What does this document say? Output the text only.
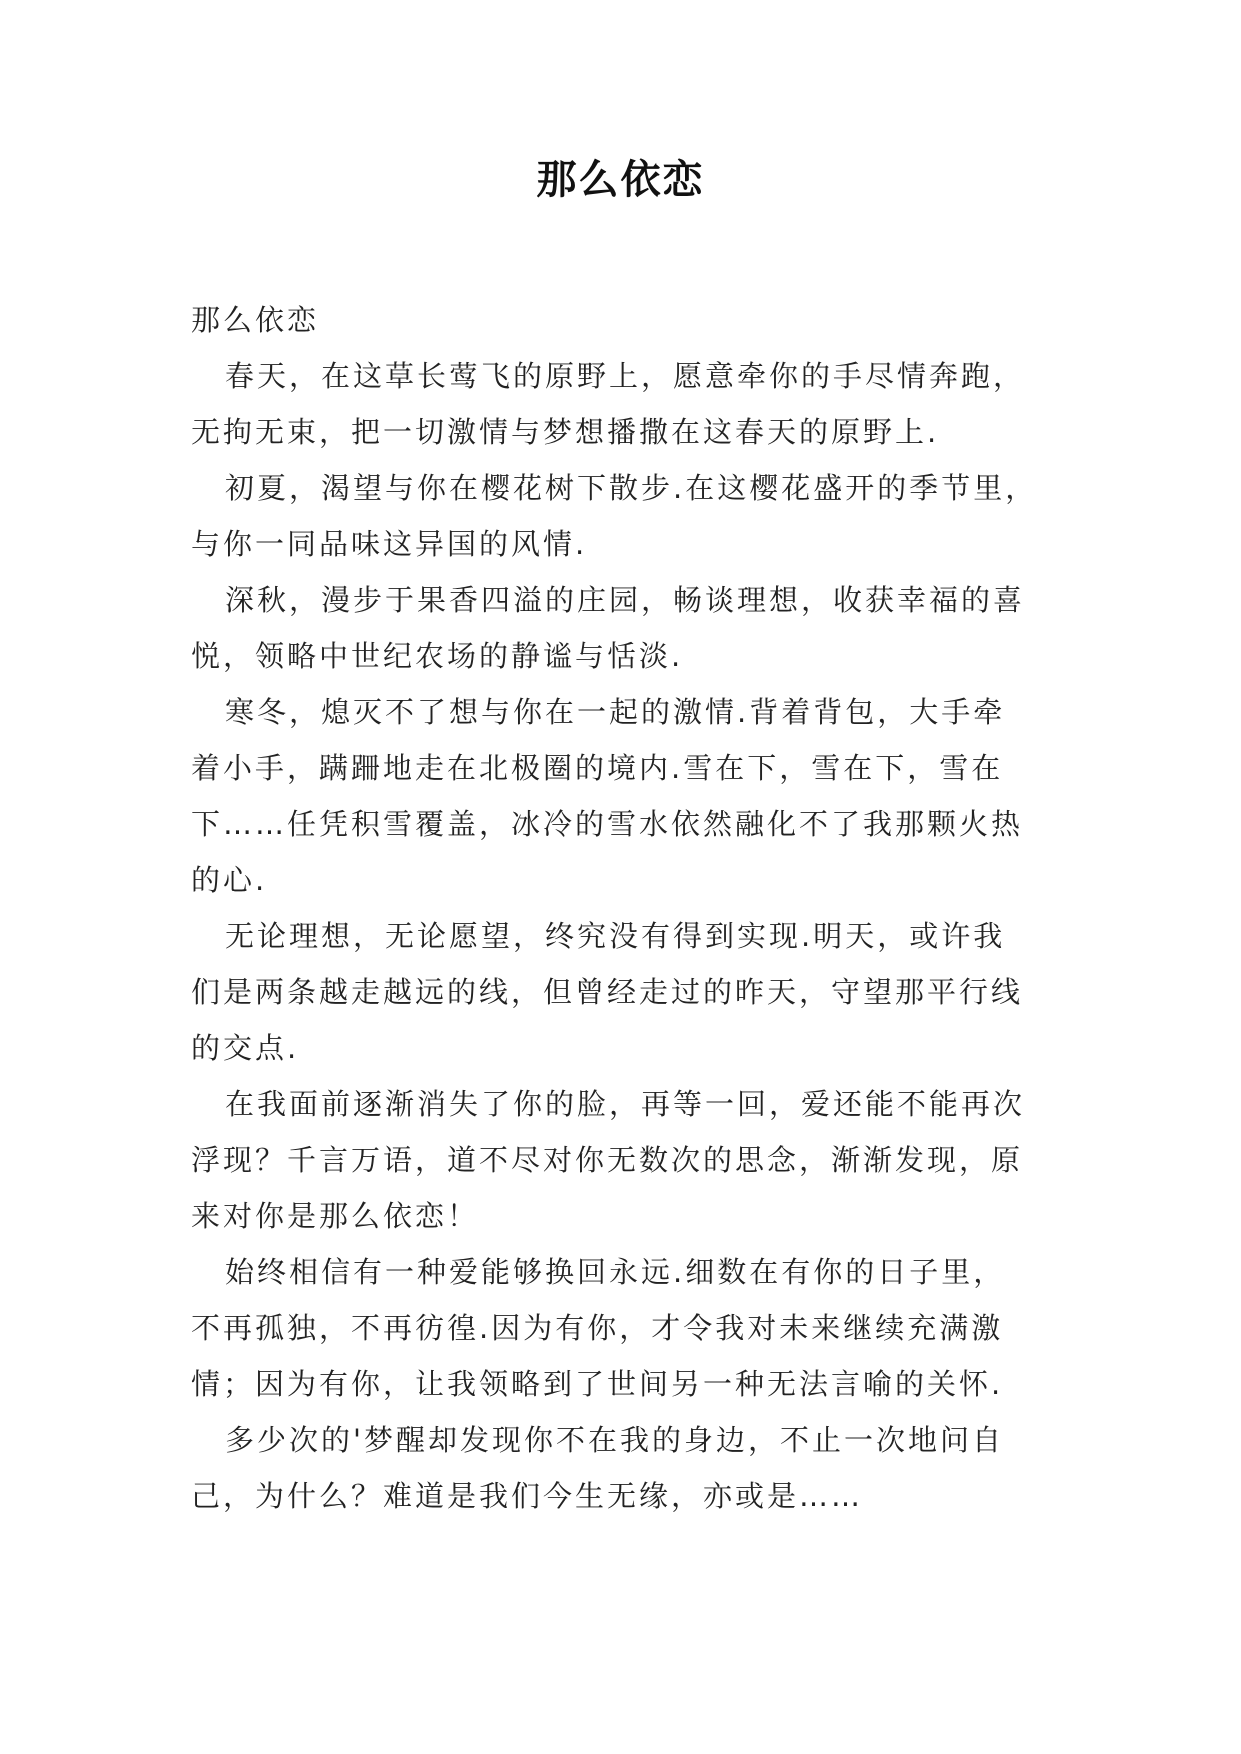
那么依恋
那么依恋
春天，在这草长莺飞的原野上，愿意牵你的手尽情奔跑，
无拘无束，把一切激情与梦想播撒在这春天的原野上.
初夏，渴望与你在樱花树下散步.在这樱花盛开的季节里，
与你一同品味这异国的风情.
深秋，漫步于果香四溢的庄园，畅谈理想，收获幸福的喜
悦，领略中世纪农场的静谧与恬淡.
寒冬，熄灭不了想与你在一起的激情.背着背包，大手牵
着小手，蹒跚地走在北极圈的境内.雪在下，雪在下，雪在
下……任凭积雪覆盖，冰冷的雪水依然融化不了我那颗火热
的心.
无论理想，无论愿望，终究没有得到实现.明天，或许我
们是两条越走越远的线，但曾经走过的昨天，守望那平行线
的交点.
在我面前逐渐消失了你的脸，再等一回，爱还能不能再次
浮现？千言万语，道不尽对你无数次的思念，渐渐发现，原
来对你是那么依恋！
始终相信有一种爱能够换回永远.细数在有你的日子里，
不再孤独，不再彷徨.因为有你，才令我对未来继续充满激
情；因为有你，让我领略到了世间另一种无法言喻的关怀.
多少次的'梦醒却发现你不在我的身边，不止一次地问自
己，为什么？难道是我们今生无缘，亦或是……
